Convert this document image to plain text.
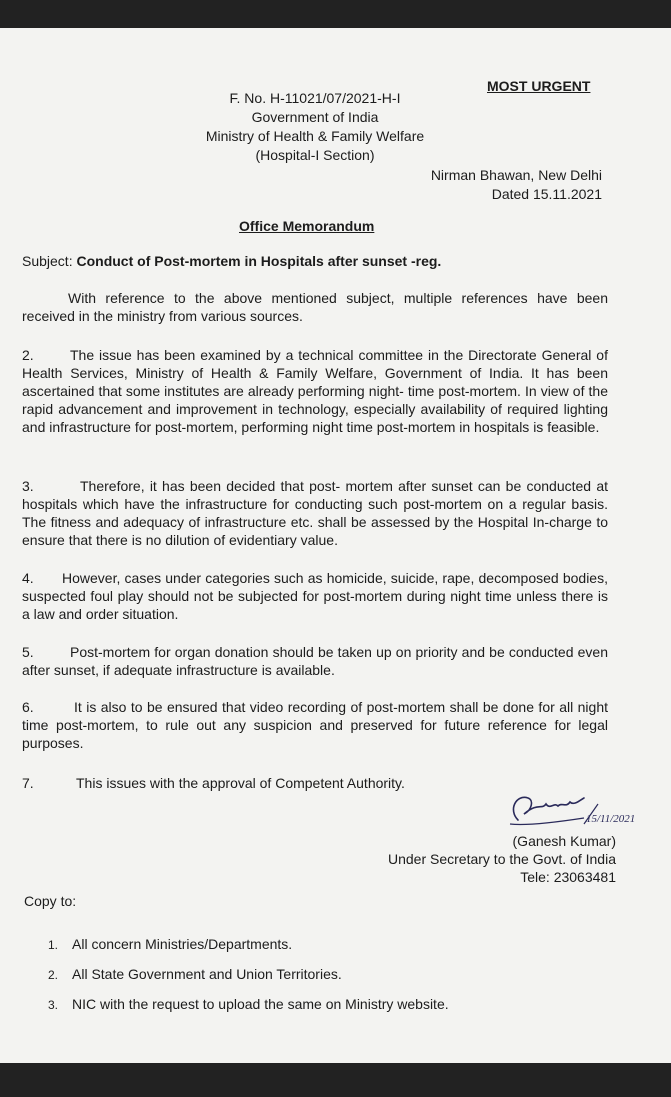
MOST URGENT

F. No. H-11021/07/2021-H-I
Government of India
Ministry of Health & Family Welfare
(Hospital-I Section)
Nirman Bhawan, New Delhi
Dated 15.11.2021

Office Memorandum

Subject: Conduct of Post-mortem in Hospitals after sunset -reg.

With reference to the above mentioned subject, multiple references have been received in the ministry from various sources.

2.	The issue has been examined by a technical committee in the Directorate General of Health Services, Ministry of Health & Family Welfare, Government of India. It has been ascertained that some institutes are already performing night- time post-mortem. In view of the rapid advancement and improvement in technology, especially availability of required lighting and infrastructure for post-mortem, performing night time post-mortem in hospitals is feasible.

3.	Therefore, it has been decided that post- mortem after sunset can be conducted at hospitals which have the infrastructure for conducting such post-mortem on a regular basis. The fitness and adequacy of infrastructure etc. shall be assessed by the Hospital In-charge to ensure that there is no dilution of evidentiary value.

4. However, cases under categories such as homicide, suicide, rape, decomposed bodies, suspected foul play should not be subjected for post-mortem during night time unless there is a law and order situation.

5.	Post-mortem for organ donation should be taken up on priority and be conducted even after sunset, if adequate infrastructure is available.

6.	It is also to be ensured that video recording of post-mortem shall be done for all night time post-mortem, to rule out any suspicion and preserved for future reference for legal purposes.

7.	This issues with the approval of Competent Authority.

15/11/2021
(Ganesh Kumar)
Under Secretary to the Govt. of India
Tele: 23063481

Copy to:

1. All concern Ministries/Departments.
2. All State Government and Union Territories.
3. NIC with the request to upload the same on Ministry website.
